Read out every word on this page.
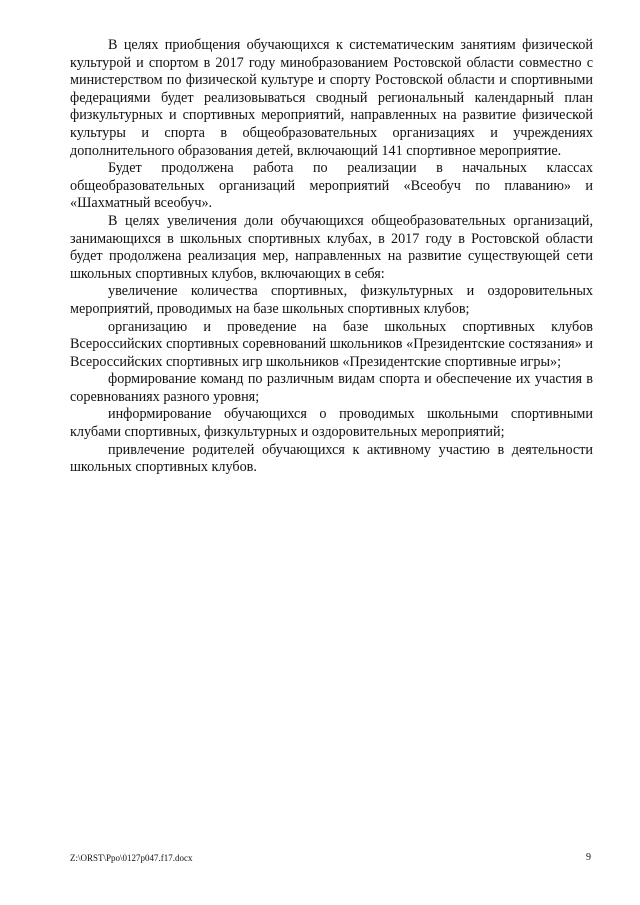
В целях приобщения обучающихся к систематическим занятиям физической культурой и спортом в 2017 году минобразованием Ростовской области совместно с министерством по физической культуре и спорту Ростовской области и спортивными федерациями будет реализовываться сводный региональный календарный план физкультурных и спортивных мероприятий, направленных на развитие физической культуры и спорта в общеобразовательных организациях и учреждениях дополнительного образования детей, включающий 141 спортивное мероприятие.

Будет продолжена работа по реализации в начальных классах общеобразовательных организаций мероприятий «Всеобуч по плаванию» и «Шахматный всеобуч».

В целях увеличения доли обучающихся общеобразовательных организаций, занимающихся в школьных спортивных клубах, в 2017 году в Ростовской области будет продолжена реализация мер, направленных на развитие существующей сети школьных спортивных клубов, включающих в себя:

увеличение количества спортивных, физкультурных и оздоровительных мероприятий, проводимых на базе школьных спортивных клубов;

организацию и проведение на базе школьных спортивных клубов Всероссийских спортивных соревнований школьников «Президентские состязания» и Всероссийских спортивных игр школьников «Президентские спортивные игры»;

формирование команд по различным видам спорта и обеспечение их участия в соревнованиях разного уровня;

информирование обучающихся о проводимых школьными спортивными клубами спортивных, физкультурных и оздоровительных мероприятий;

привлечение родителей обучающихся к активному участию в деятельности школьных спортивных клубов.

Z:\ORST\Ppo\0127p047.f17.docx	9
